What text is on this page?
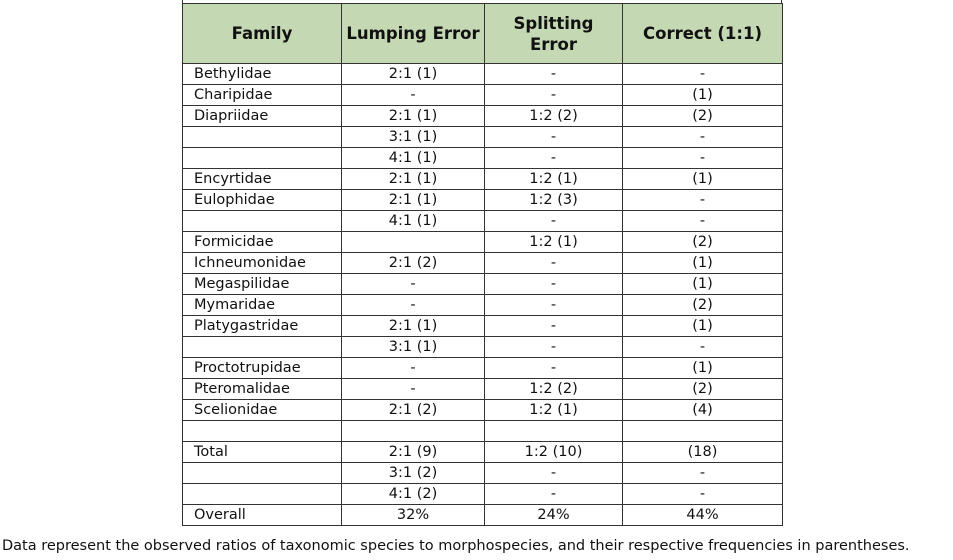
Family	Lumping Error	Splitting Error	Correct (1:1)
Bethylidae	2:1 (1)	-	-
Charipidae	-	-	(1)
Diapriidae	2:1 (1)	1:2 (2)	(2)
	3:1 (1)	-	-
	4:1 (1)	-	-
Encyrtidae	2:1 (1)	1:2 (1)	(1)
Eulophidae	2:1 (1)	1:2 (3)	-
	4:1 (1)	-	-
Formicidae		1:2 (1)	(2)
Ichneumonidae	2:1 (2)	-	(1)
Megaspilidae	-	-	(1)
Mymaridae	-	-	(2)
Platygastridae	2:1 (1)	-	(1)
	3:1 (1)	-	-
Proctotrupidae	-	-	(1)
Pteromalidae	-	1:2 (2)	(2)
Scelionidae	2:1 (2)	1:2 (1)	(4)

Total	2:1 (9)	1:2 (10)	(18)
	3:1 (2)	-	-
	4:1 (2)	-	-
Overall	32%	24%	44%
Data represent the observed ratios of taxonomic species to morphospecies, and their respective frequencies in parentheses.
